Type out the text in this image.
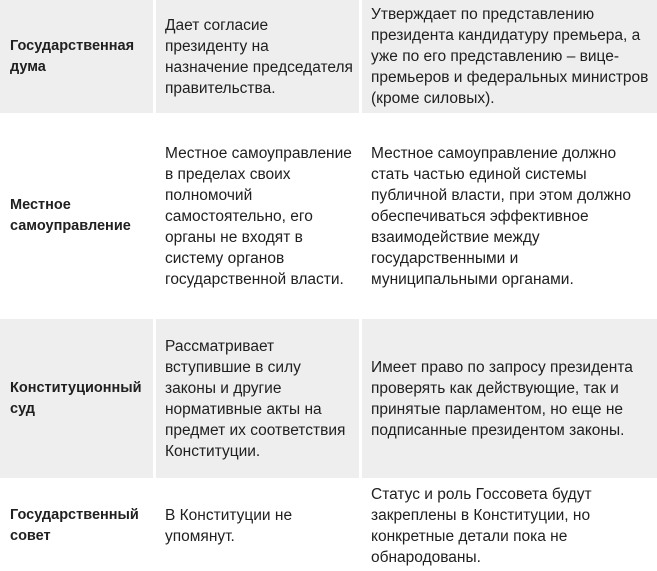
Государственная дума
Дает согласие президенту на назначение председателя правительства.
Утверждает по представлению президента кандидатуру премьера, а уже по его представлению – вице-премьеров и федеральных министров (кроме силовых).
Местное самоуправление
Местное самоуправление в пределах своих полномочий самостоятельно, его органы не входят в систему органов государственной власти.
Местное самоуправление должно стать частью единой системы публичной власти, при этом должно обеспечиваться эффективное взаимодействие между государственными и муниципальными органами.
Конституционный суд
Рассматривает вступившие в силу законы и другие нормативные акты на предмет их соответствия Конституции.
Имеет право по запросу президента проверять как действующие, так и принятые парламентом, но еще не подписанные президентом законы.
Государственный совет
В Конституции не упомянут.
Статус и роль Госсовета будут закреплены в Конституции, но конкретные детали пока не обнародованы.
